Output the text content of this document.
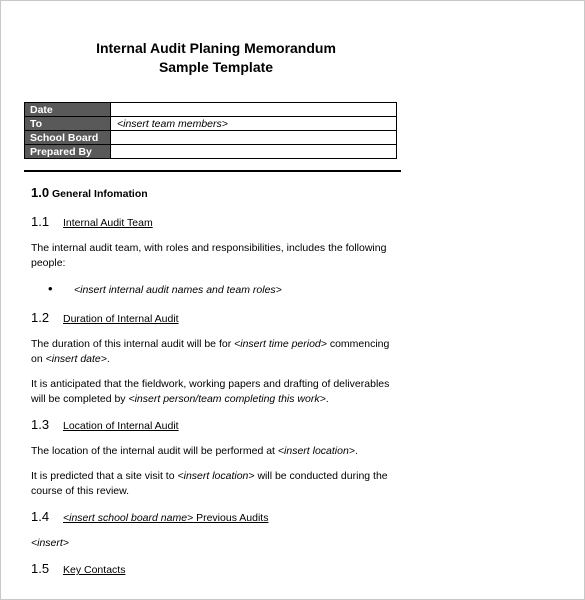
Internal Audit Planing Memorandum
Sample Template
Date	
To	<insert team members>
School Board	
Prepared By	
1.0 General Infomation
1.1	Internal Audit Team

The internal audit team, with roles and responsibilities, includes the following people:

•	<insert internal audit names and team roles>
1.2	Duration of Internal Audit

The duration of this internal audit will be for <insert time period> commencing on <insert date>.

It is anticipated that the fieldwork, working papers and drafting of deliverables will be completed by <insert person/team completing this work>.

1.3	Location of Internal Audit

The location of the internal audit will be performed at <insert location>.

It is predicted that a site visit to <insert location> will be conducted during the course of this review.

1.4	<insert school board name> Previous Audits

<insert>

1.5	Key Contacts
